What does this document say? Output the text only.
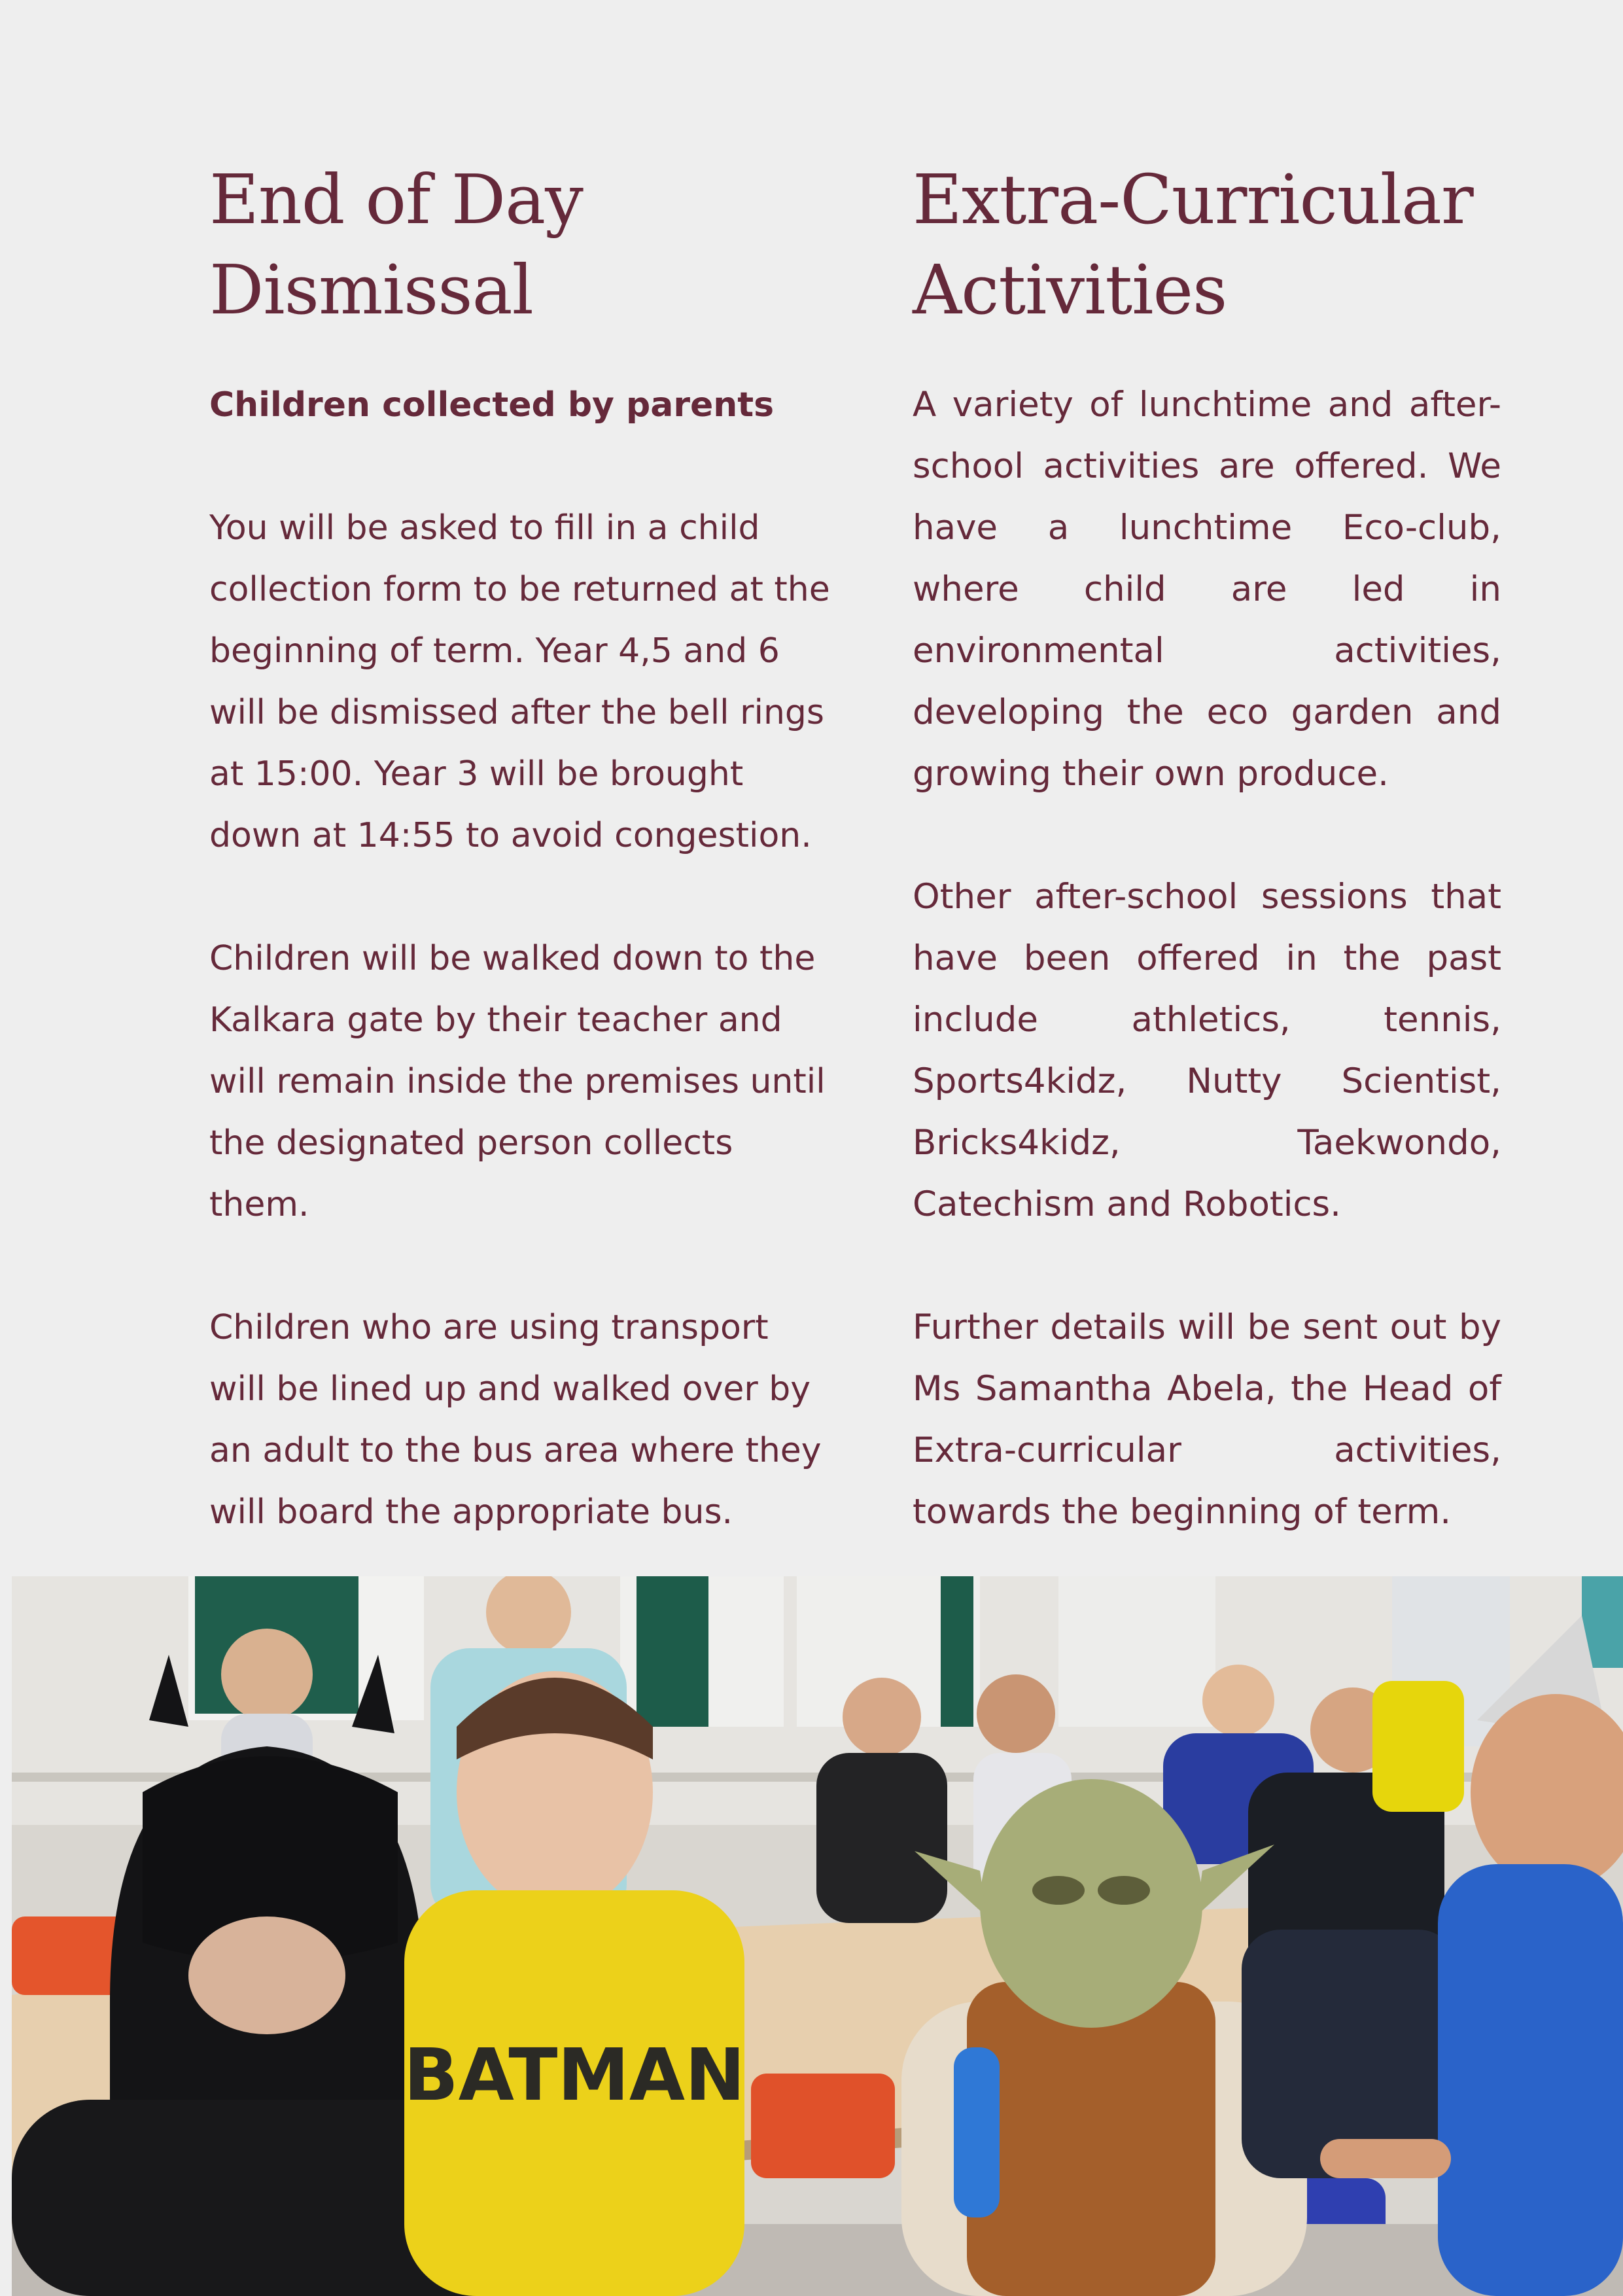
End of Day
Dismissal

Children collected by parents

You will be asked to fill in a child collection form to be returned at the beginning of term. Year 4,5 and 6 will be dismissed after the bell rings at 15:00. Year 3 will be brought down at 14:55 to avoid congestion.

Children will be walked down to the Kalkara gate by their teacher and will remain inside the premises until the designated person collects them.

Children who are using transport will be lined up and walked over by an adult to the bus area where they will board the appropriate bus.

Extra-Curricular
Activities

A variety of lunchtime and after-school activities are offered. We have a lunchtime Eco-club, where child are led in environmental activities, developing the eco garden and growing their own produce.

Other after-school sessions that have been offered in the past include athletics, tennis, Sports4kidz, Nutty Scientist, Bricks4kidz, Taekwondo, Catechism and Robotics.

Further details will be sent out by Ms Samantha Abela, the Head of Extra-curricular activities, towards the beginning of term.

BATMAN
